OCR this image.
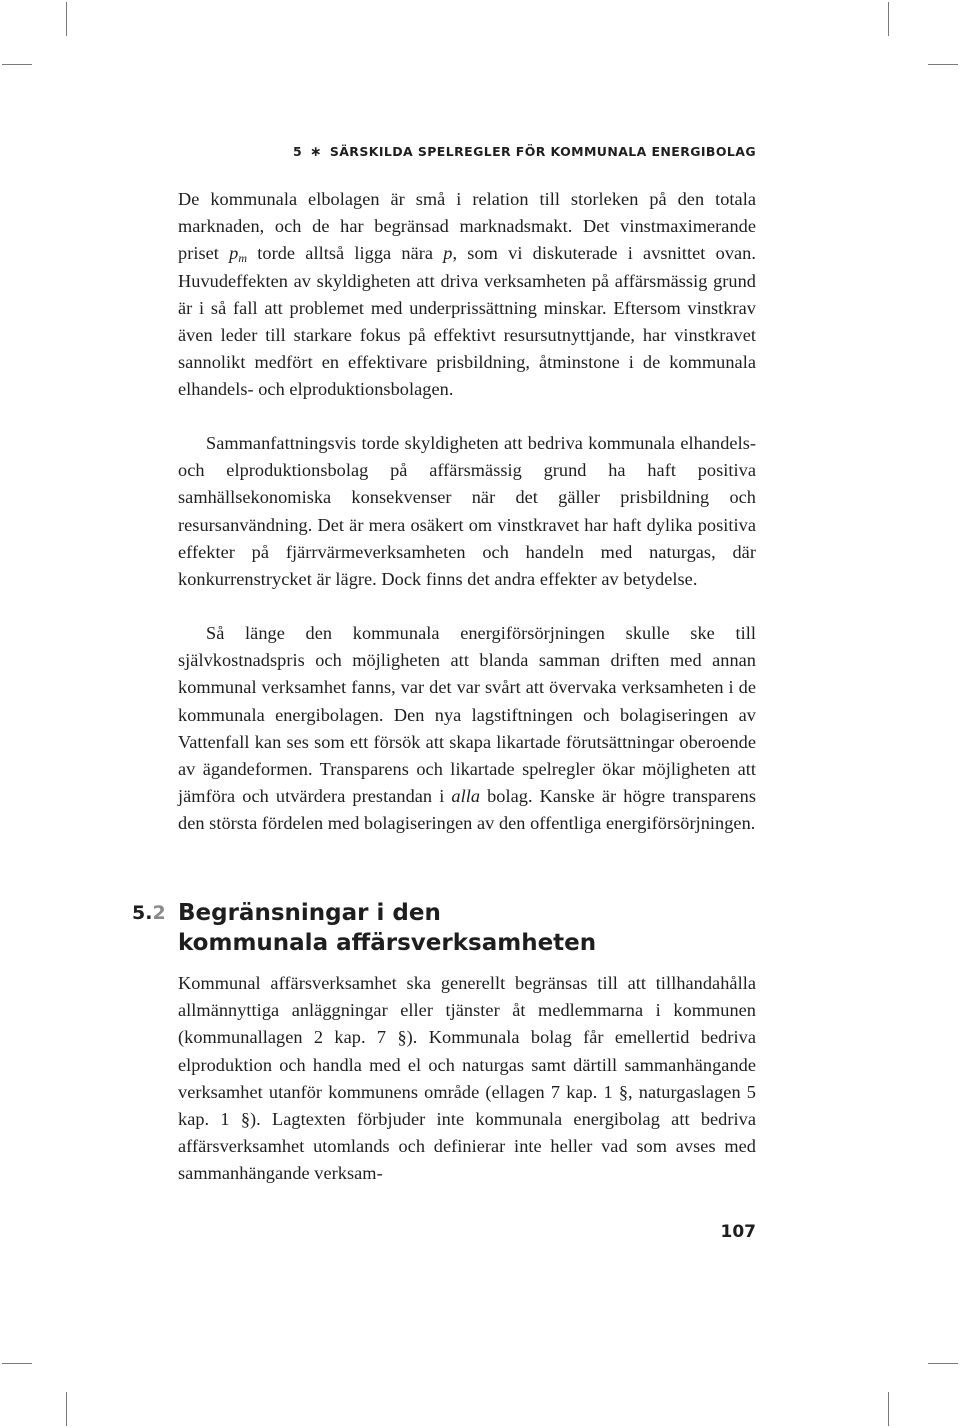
5 ∗ SÄRSKILDA SPELREGLER FÖR KOMMUNALA ENERGIBOLAG

De kommunala elbolagen är små i relation till storleken på den totala marknaden, och de har begränsad marknadsmakt. Det vinstmaximerande priset $p_m$ torde alltså ligga nära p, som vi diskuterade i avsnittet ovan. Huvudeffekten av skyldigheten att driva verksamheten på affärsmässig grund är i så fall att problemet med underprissättning minskar. Eftersom vinstkrav även leder till starkare fokus på effektivt resursutnyttjande, har vinstkravet sannolikt medfört en effektivare prisbildning, åtminstone i de kommunala elhandels- och elproduktionsbolagen.

Sammanfattningsvis torde skyldigheten att bedriva kommunala elhandels- och elproduktionsbolag på affärsmässig grund ha haft positiva samhällsekonomiska konsekvenser när det gäller prisbildning och resursanvändning. Det är mera osäkert om vinstkravet har haft dylika positiva effekter på fjärrvärmeverksamheten och handeln med naturgas, där konkurrenstrycket är lägre. Dock finns det andra effekter av betydelse.

Så länge den kommunala energiförsörjningen skulle ske till självkostnadspris och möjligheten att blanda samman driften med annan kommunal verksamhet fanns, var det var svårt att övervaka verksamheten i de kommunala energibolagen. Den nya lagstiftningen och bolagiseringen av Vattenfall kan ses som ett försök att skapa likartade förutsättningar oberoende av ägandeformen. Transparens och likartade spelregler ökar möjligheten att jämföra och utvärdera prestandan i alla bolag. Kanske är högre transparens den största fördelen med bolagiseringen av den offentliga energiförsörjningen.

5.2 Begränsningar i den
kommunala affärsverksamheten

Kommunal affärsverksamhet ska generellt begränsas till att tillhandahålla allmännyttiga anläggningar eller tjänster åt medlemmarna i kommunen (kommunallagen 2 kap. 7 §). Kommunala bolag får emellertid bedriva elproduktion och handla med el och naturgas samt därtill sammanhängande verksamhet utanför kommunens område (ellagen 7 kap. 1 §, naturgaslagen 5 kap. 1 §). Lagtexten förbjuder inte kommunala energibolag att bedriva affärsverksamhet utomlands och definierar inte heller vad som avses med sammanhängande verksam-

107
